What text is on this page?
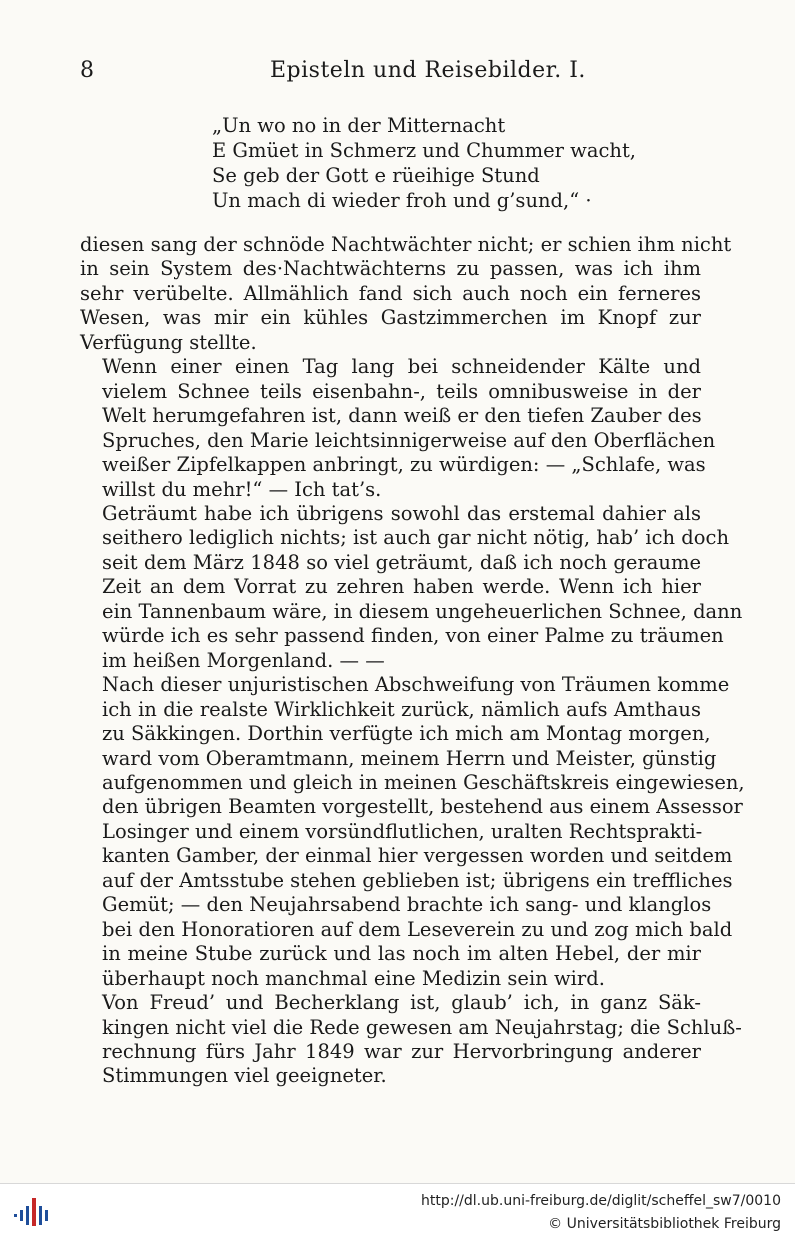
8	Episteln und Reisebilder. I.
„Un wo no in der Mitternacht
E Gmüet in Schmerz und Chummer wacht,
Se geb der Gott e rüeihige Stund
Un mach di wieder froh und g’sund,“ ·

diesen sang der schnöde Nachtwächter nicht; er schien ihm nicht
in sein System des·Nachtwächterns zu passen, was ich ihm
sehr verübelte. Allmählich fand sich auch noch ein ferneres
Wesen, was mir ein kühles Gastzimmerchen im Knopf zur
Verfügung stellte.

Wenn einer einen Tag lang bei schneidender Kälte und
vielem Schnee teils eisenbahn-, teils omnibusweise in der
Welt herumgefahren ist, dann weiß er den tiefen Zauber des
Spruches, den Marie leichtsinnigerweise auf den Oberflächen
weißer Zipfelkappen anbringt, zu würdigen: — „Schlafe, was
willst du mehr!“ — Ich tat’s.

Geträumt habe ich übrigens sowohl das erstemal dahier als
seithero lediglich nichts; ist auch gar nicht nötig, hab’ ich doch
seit dem März 1848 so viel geträumt, daß ich noch geraume
Zeit an dem Vorrat zu zehren haben werde. Wenn ich hier
ein Tannenbaum wäre, in diesem ungeheuerlichen Schnee, dann
würde ich es sehr passend finden, von einer Palme zu träumen
im heißen Morgenland. — —

Nach dieser unjuristischen Abschweifung von Träumen komme
ich in die realste Wirklichkeit zurück, nämlich aufs Amthaus
zu Säkkingen. Dorthin verfügte ich mich am Montag morgen,
ward vom Oberamtmann, meinem Herrn und Meister, günstig
aufgenommen und gleich in meinen Geschäftskreis eingewiesen,
den übrigen Beamten vorgestellt, bestehend aus einem Assessor
Losinger und einem vorsündflutlichen, uralten Rechtsprakti-
kanten Gamber, der einmal hier vergessen worden und seitdem
auf der Amtsstube stehen geblieben ist; übrigens ein treffliches
Gemüt; — den Neujahrsabend brachte ich sang- und klanglos
bei den Honoratioren auf dem Leseverein zu und zog mich bald
in meine Stube zurück und las noch im alten Hebel, der mir
überhaupt noch manchmal eine Medizin sein wird.

Von Freud’ und Becherklang ist, glaub’ ich, in ganz Säk-
kingen nicht viel die Rede gewesen am Neujahrstag; die Schluß-
rechnung fürs Jahr 1849 war zur Hervorbringung anderer
Stimmungen viel geeigneter.

http://dl.ub.uni-freiburg.de/diglit/scheffel_sw7/0010
© Universitätsbibliothek Freiburg
